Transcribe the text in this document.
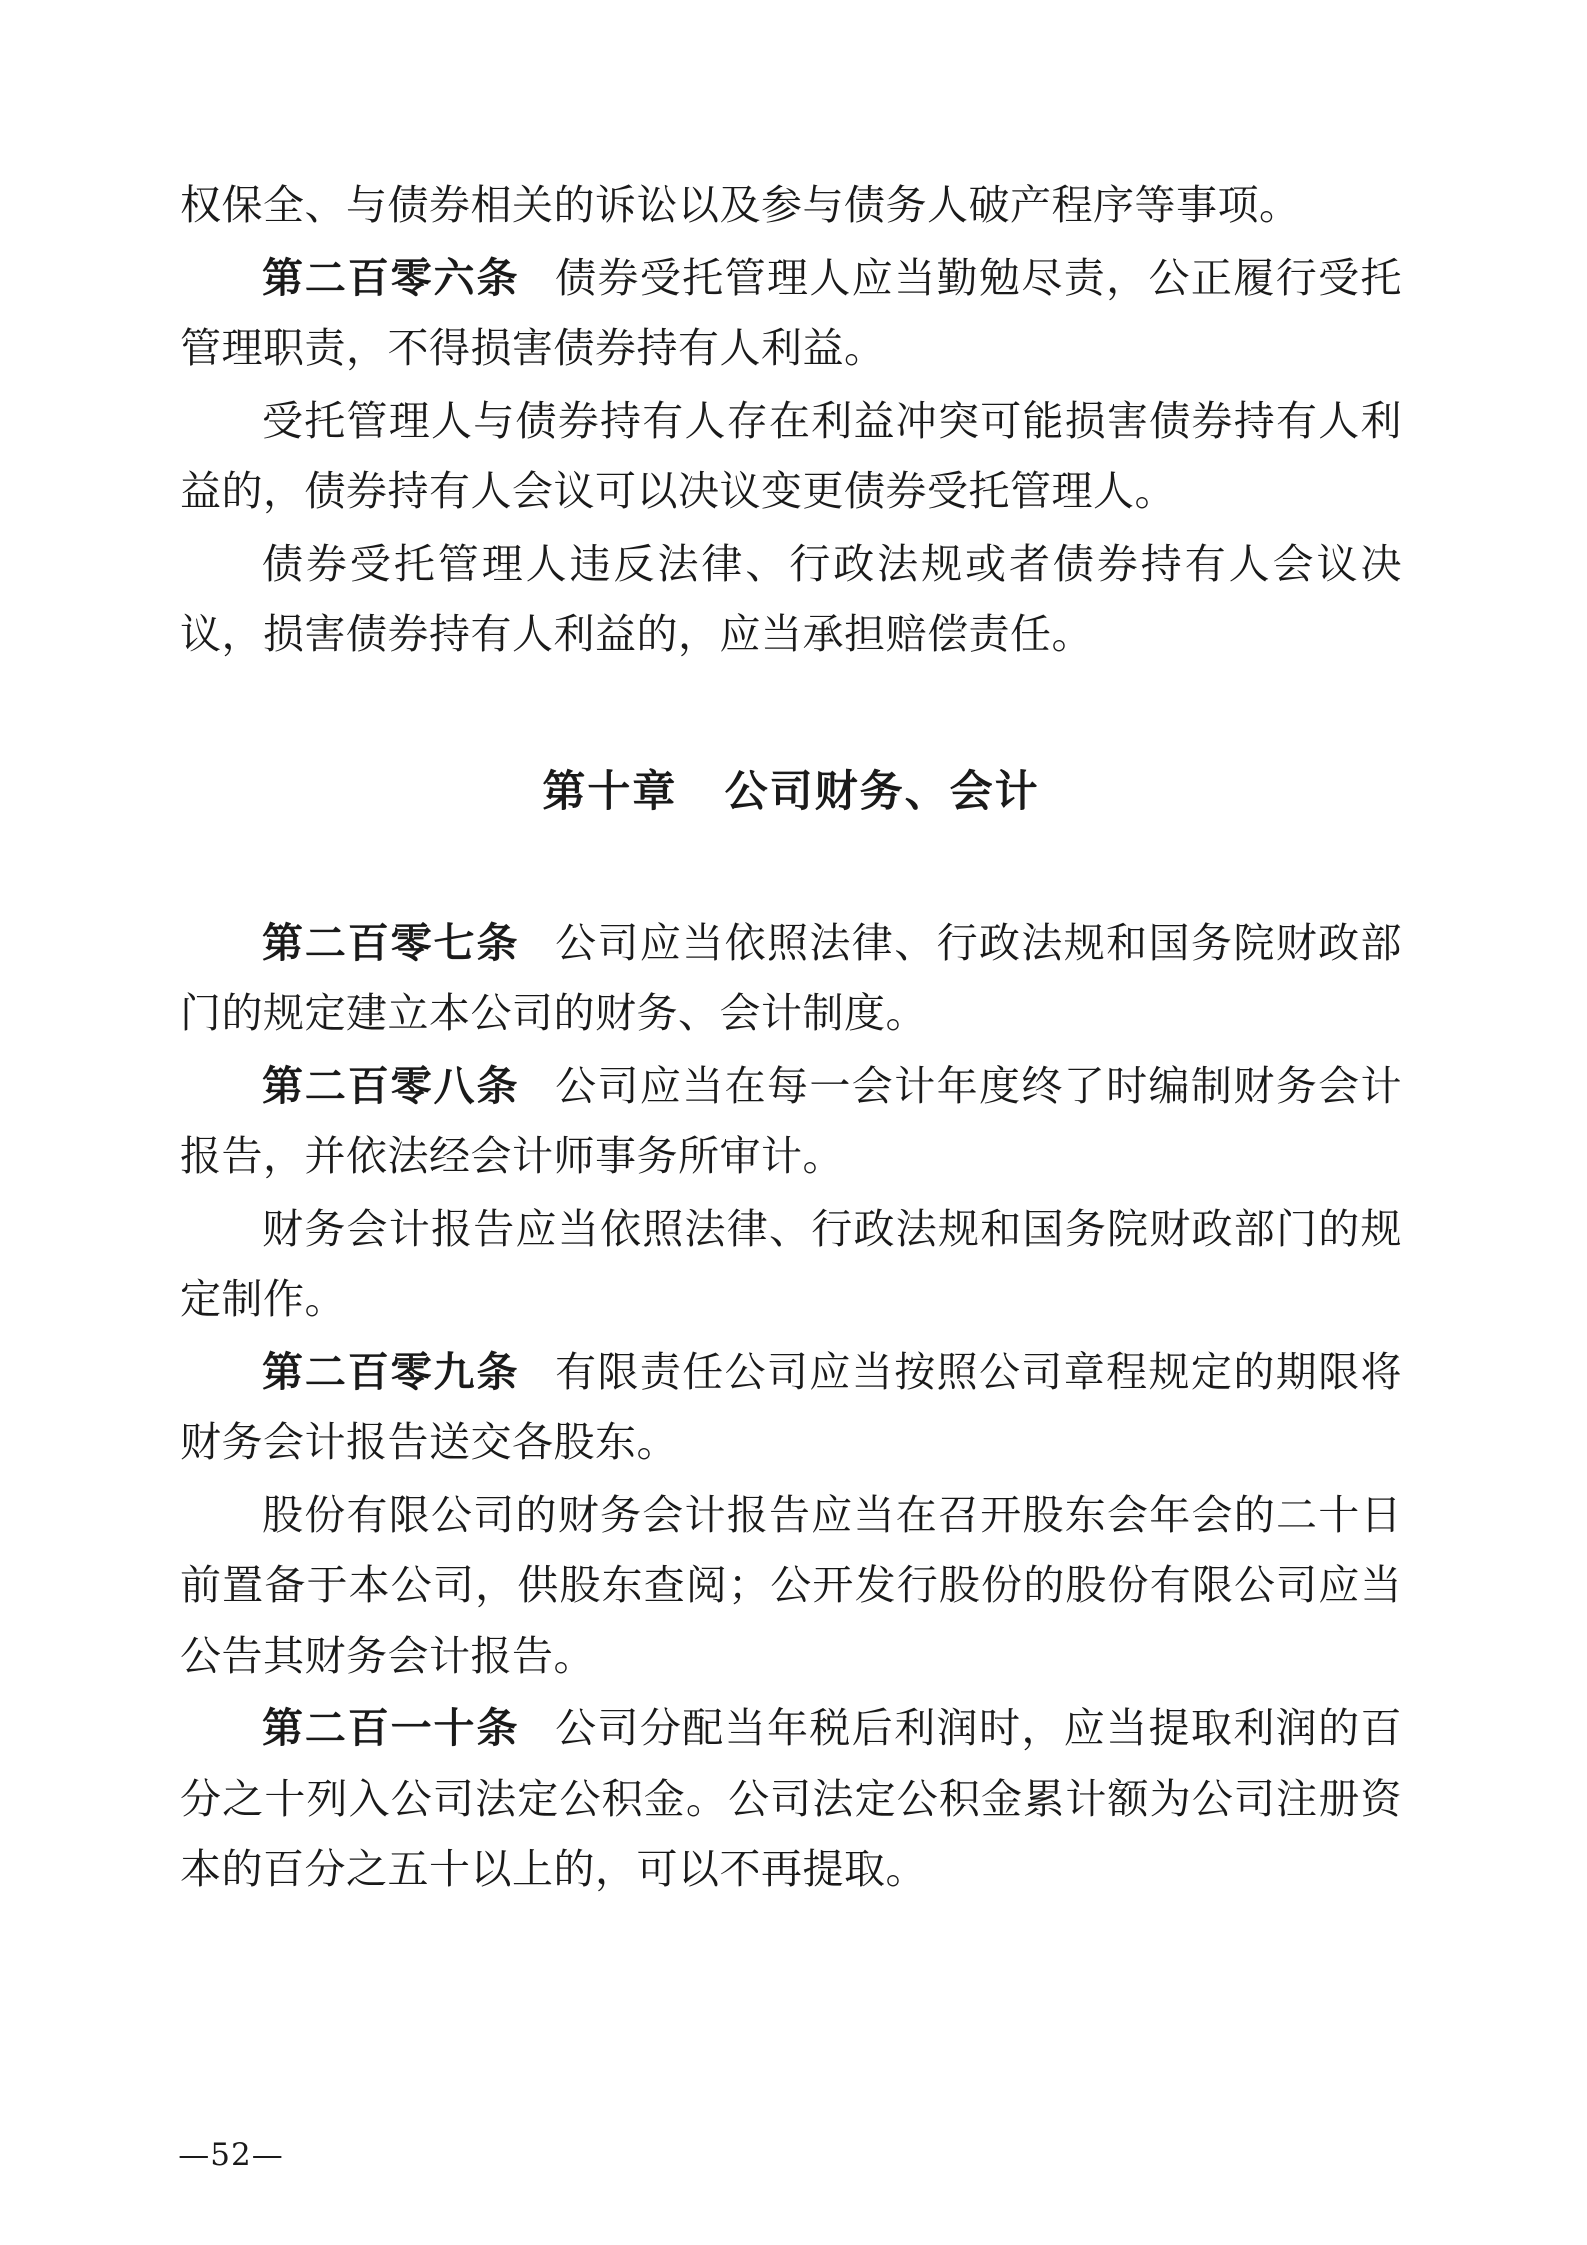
权保全、与债券相关的诉讼以及参与债务人破产程序等事项。

第二百零六条 债券受托管理人应当勤勉尽责，公正履行受托管理职责，不得损害债券持有人利益。

受托管理人与债券持有人存在利益冲突可能损害债券持有人利益的，债券持有人会议可以决议变更债券受托管理人。

债券受托管理人违反法律、行政法规或者债券持有人会议决议，损害债券持有人利益的，应当承担赔偿责任。

第十章 公司财务、会计

第二百零七条 公司应当依照法律、行政法规和国务院财政部门的规定建立本公司的财务、会计制度。

第二百零八条 公司应当在每一会计年度终了时编制财务会计报告，并依法经会计师事务所审计。

财务会计报告应当依照法律、行政法规和国务院财政部门的规定制作。

第二百零九条 有限责任公司应当按照公司章程规定的期限将财务会计报告送交各股东。

股份有限公司的财务会计报告应当在召开股东会年会的二十日前置备于本公司，供股东查阅；公开发行股份的股份有限公司应当公告其财务会计报告。

第二百一十条 公司分配当年税后利润时，应当提取利润的百分之十列入公司法定公积金。公司法定公积金累计额为公司注册资本的百分之五十以上的，可以不再提取。

—52—
